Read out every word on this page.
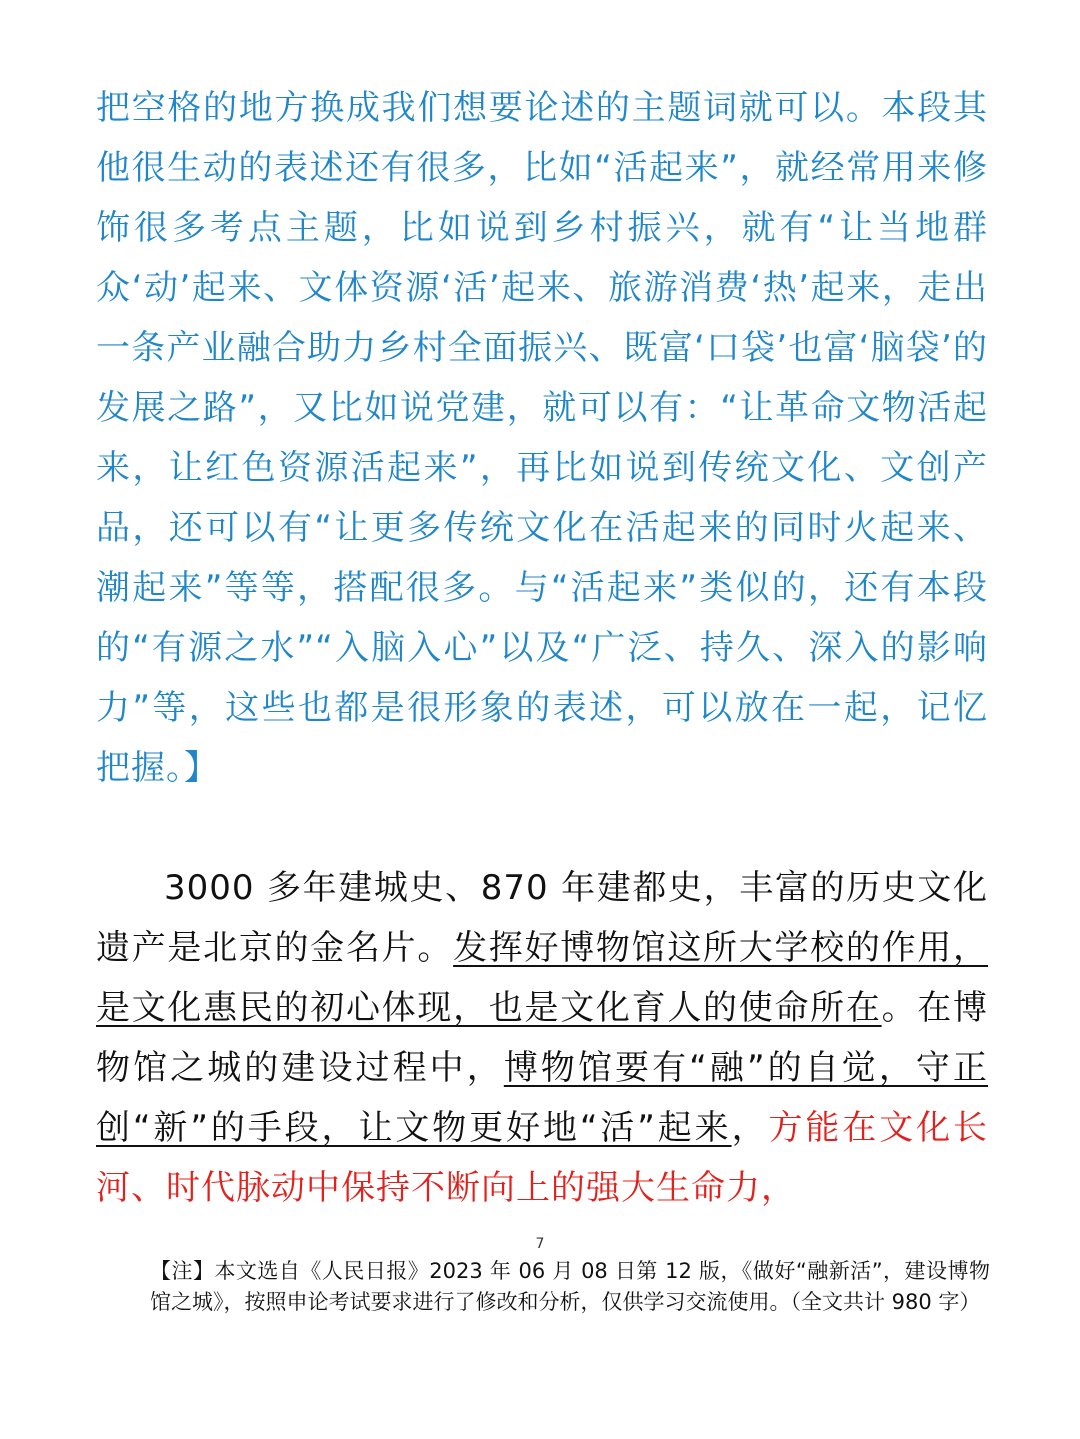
把空格的地方换成我们想要论述的主题词就可以。本段其他很生动的表述还有很多，比如“活起来”，就经常用来修饰很多考点主题，比如说到乡村振兴，就有“让当地群众‘动’起来、文体资源‘活’起来、旅游消费‘热’起来，走出一条产业融合助力乡村全面振兴、既富‘口袋’也富‘脑袋’的发展之路”，又比如说党建，就可以有：“让革命文物活起来，让红色资源活起来”，再比如说到传统文化、文创产品，还可以有“让更多传统文化在活起来的同时火起来、潮起来”等等，搭配很多。与“活起来”类似的，还有本段的“有源之水”“入脑入心”以及“广泛、持久、深入的影响力”等，这些也都是很形象的表述，可以放在一起，记忆把握。】
3000 多年建城史、870 年建都史，丰富的历史文化遗产是北京的金名片。发挥好博物馆这所大学校的作用，是文化惠民的初心体现，也是文化育人的使命所在。在博物馆之城的建设过程中，博物馆要有“融”的自觉，守正创“新”的手段，让文物更好地“活”起来，方能在文化长河、时代脉动中保持不断向上的强大生命力，
7
【注】本文选自《人民日报》2023 年 06 月 08 日第 12 版，《做好“融新活”，建设博物馆之城》，按照申论考试要求进行了修改和分析，仅供学习交流使用。（全文共计 980 字）
